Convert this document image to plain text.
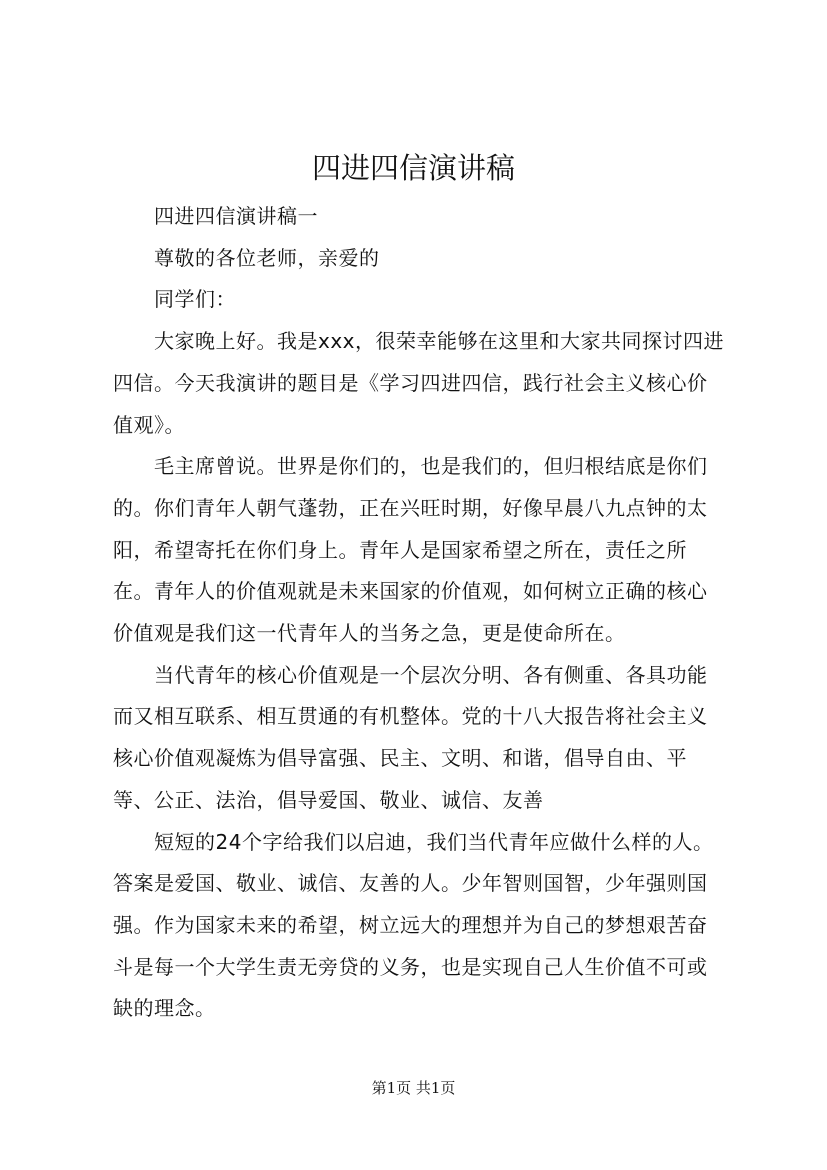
四进四信演讲稿

四进四信演讲稿一

尊敬的各位老师，亲爱的

同学们：

大家晚上好。我是xxx，很荣幸能够在这里和大家共同探讨四进四信。今天我演讲的题目是《学习四进四信，践行社会主义核心价值观》。

毛主席曾说。世界是你们的，也是我们的，但归根结底是你们的。你们青年人朝气蓬勃，正在兴旺时期，好像早晨八九点钟的太阳，希望寄托在你们身上。青年人是国家希望之所在，责任之所在。青年人的价值观就是未来国家的价值观，如何树立正确的核心价值观是我们这一代青年人的当务之急，更是使命所在。

当代青年的核心价值观是一个层次分明、各有侧重、各具功能而又相互联系、相互贯通的有机整体。党的十八大报告将社会主义核心价值观凝炼为倡导富强、民主、文明、和谐，倡导自由、平等、公正、法治，倡导爱国、敬业、诚信、友善

短短的24个字给我们以启迪，我们当代青年应做什么样的人。答案是爱国、敬业、诚信、友善的人。少年智则国智，少年强则国强。作为国家未来的希望，树立远大的理想并为自己的梦想艰苦奋斗是每一个大学生责无旁贷的义务，也是实现自己人生价值不可或缺的理念。

第1页 共1页
